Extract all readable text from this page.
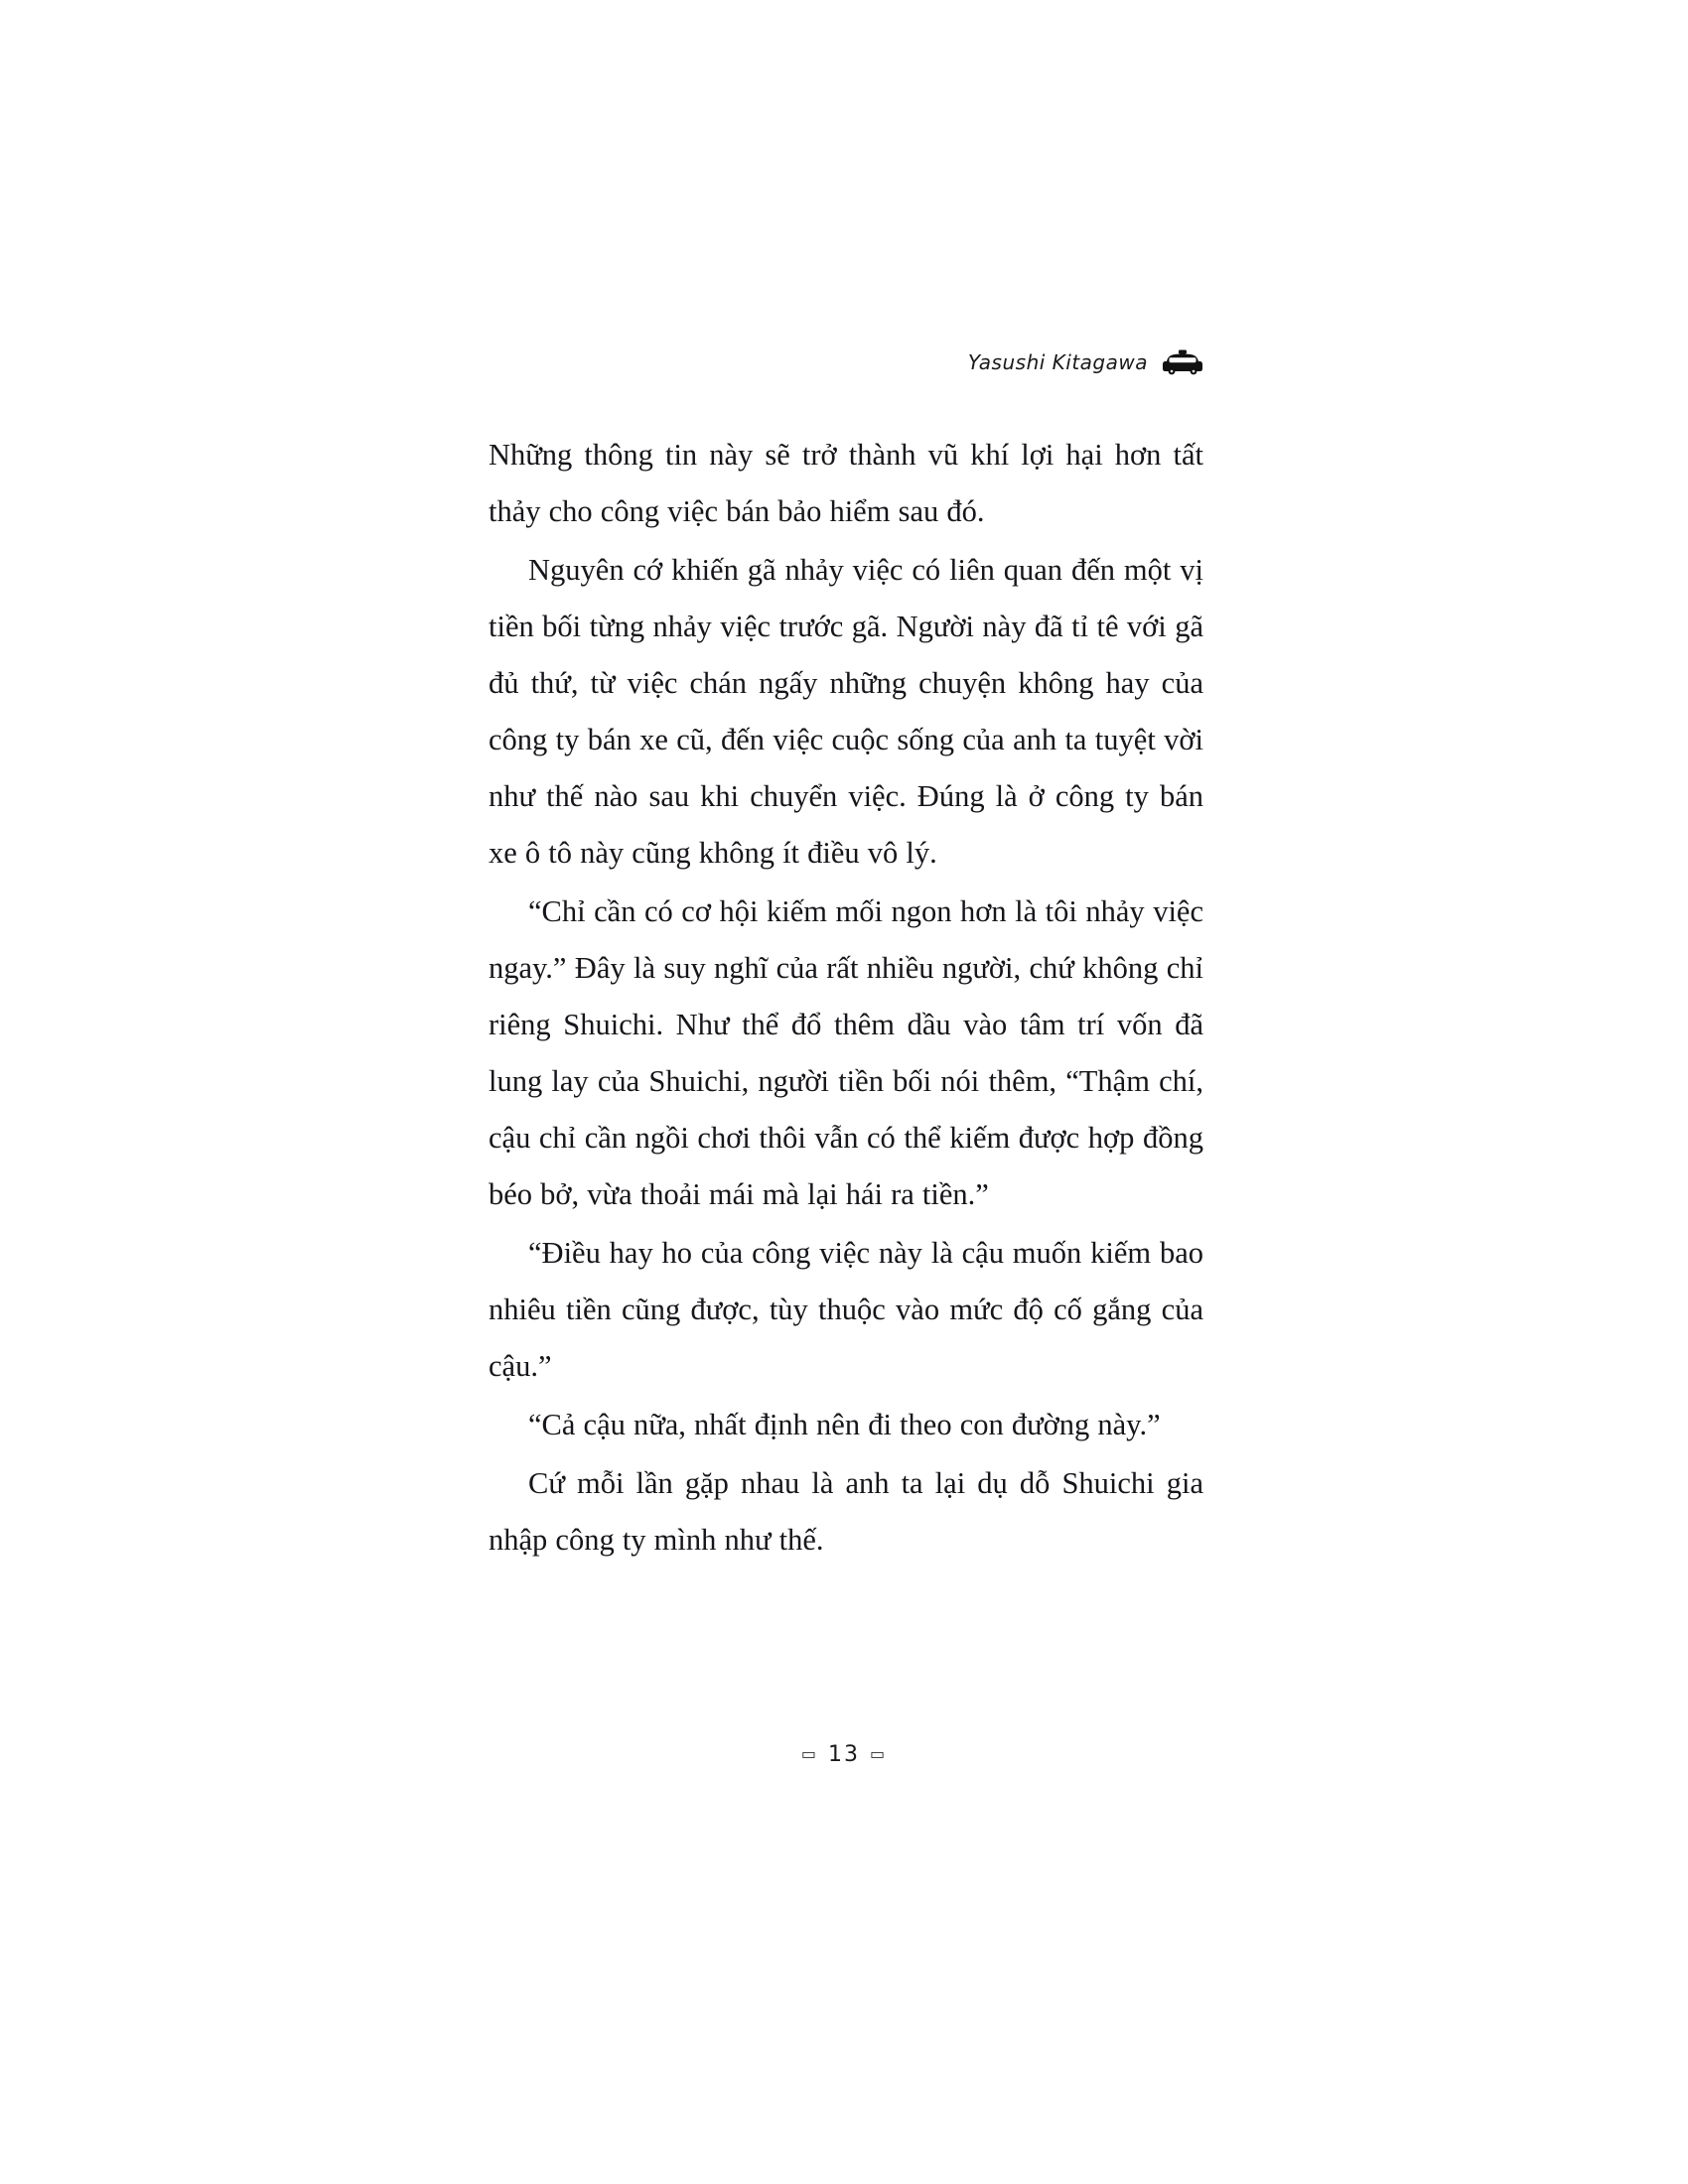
Yasushi Kitagawa

Những thông tin này sẽ trở thành vũ khí lợi hại hơn tất thảy cho công việc bán bảo hiểm sau đó.

Nguyên cớ khiến gã nhảy việc có liên quan đến một vị tiền bối từng nhảy việc trước gã. Người này đã tỉ tê với gã đủ thứ, từ việc chán ngấy những chuyện không hay của công ty bán xe cũ, đến việc cuộc sống của anh ta tuyệt vời như thế nào sau khi chuyển việc. Đúng là ở công ty bán xe ô tô này cũng không ít điều vô lý.

“Chỉ cần có cơ hội kiếm mối ngon hơn là tôi nhảy việc ngay.” Đây là suy nghĩ của rất nhiều người, chứ không chỉ riêng Shuichi. Như thể đổ thêm dầu vào tâm trí vốn đã lung lay của Shuichi, người tiền bối nói thêm, “Thậm chí, cậu chỉ cần ngồi chơi thôi vẫn có thể kiếm được hợp đồng béo bở, vừa thoải mái mà lại hái ra tiền.”

“Điều hay ho của công việc này là cậu muốn kiếm bao nhiêu tiền cũng được, tùy thuộc vào mức độ cố gắng của cậu.”

“Cả cậu nữa, nhất định nên đi theo con đường này.”

Cứ mỗi lần gặp nhau là anh ta lại dụ dỗ Shuichi gia nhập công ty mình như thế.

▭ 13 ▭
